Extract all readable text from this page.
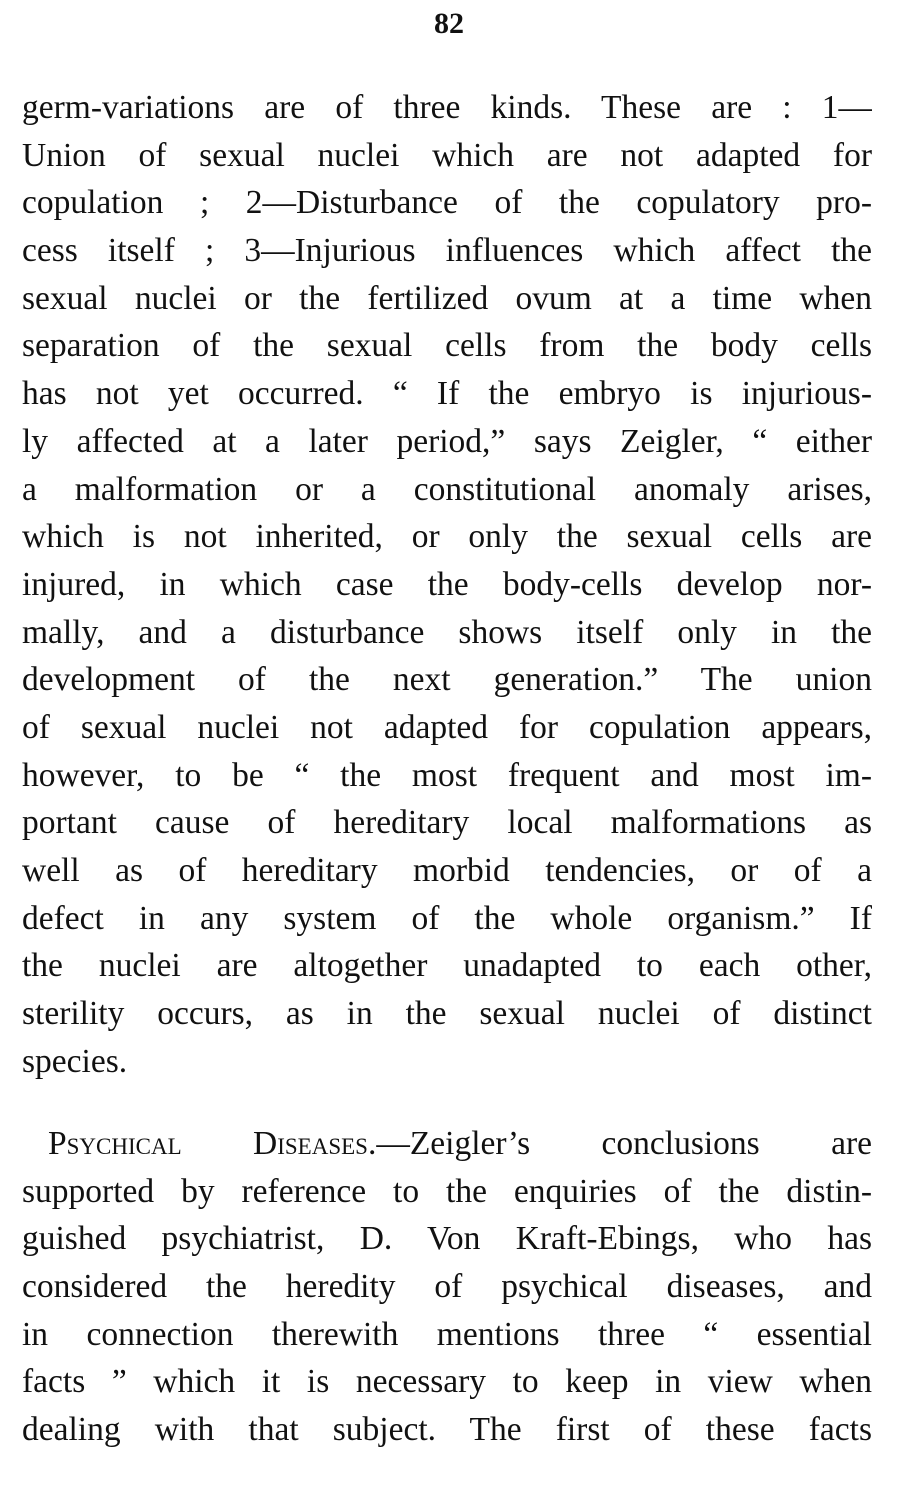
82
germ-variations are of three kinds. These are : 1—
Union of sexual nuclei which are not adapted for
copulation ; 2—Disturbance of the copulatory pro-
cess itself ; 3—Injurious influences which affect the
sexual nuclei or the fertilized ovum at a time when
separation of the sexual cells from the body cells
has not yet occurred. “ If the embryo is injurious-
ly affected at a later period,” says Zeigler, “ either
a malformation or a constitutional anomaly arises,
which is not inherited, or only the sexual cells are
injured, in which case the body-cells develop nor-
mally, and a disturbance shows itself only in the
development of the next generation.” The union
of sexual nuclei not adapted for copulation appears,
however, to be “ the most frequent and most im-
portant cause of hereditary local malformations as
well as of hereditary morbid tendencies, or of a
defect in any system of the whole organism.” If
the nuclei are altogether unadapted to each other,
sterility occurs, as in the sexual nuclei of distinct
species.
Psychical Diseases.—Zeigler’s conclusions are
supported by reference to the enquiries of the distin-
guished psychiatrist, D. Von Kraft-Ebings, who has
considered the heredity of psychical diseases, and
in connection therewith mentions three “ essential
facts ” which it is necessary to keep in view when
dealing with that subject. The first of these facts
